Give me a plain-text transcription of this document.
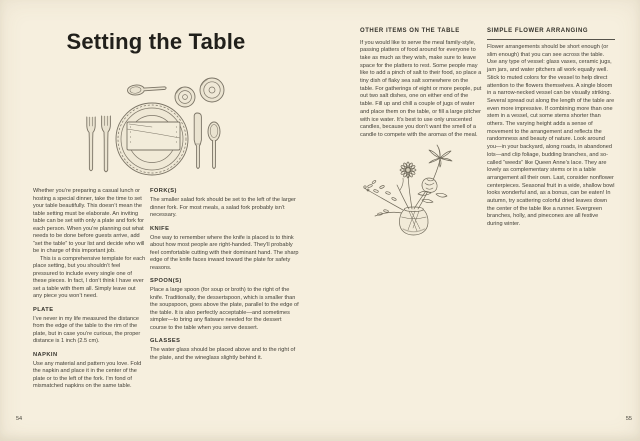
Setting the Table

Whether you’re preparing a casual lunch or hosting a special dinner, take the time to set your table beautifully. This doesn’t mean the table setting must be elaborate. An inviting table can be set with only a plate and fork for each person. When you’re planning out what needs to be done before guests arrive, add “set the table” to your list and decide who will be in charge of this important job.

This is a comprehensive template for each place setting, but you shouldn’t feel pressured to include every single one of these pieces. In fact, I don’t think I have ever set a table with them all. Simply leave out any piece you won’t need.

PLATE

I’ve never in my life measured the distance from the edge of the table to the rim of the plate, but in case you’re curious, the proper distance is 1 inch (2.5 cm).

NAPKIN

Use any material and pattern you love. Fold the napkin and place it in the center of the plate or to the left of the fork. I’m fond of mismatched napkins on the same table.

FORK(S)

The smaller salad fork should be set to the left of the larger dinner fork. For most meals, a salad fork probably isn’t necessary.

KNIFE

One way to remember where the knife is placed is to think about how most people are right-handed. They’ll probably feel comfortable cutting with their dominant hand. The sharp edge of the knife faces inward toward the plate for safety reasons.

SPOON(S)

Place a large spoon (for soup or broth) to the right of the knife. Traditionally, the dessertspoon, which is smaller than the soupspoon, goes above the plate, parallel to the edge of the table. It is also perfectly acceptable—and sometimes simpler—to bring any flatware needed for the dessert course to the table when you serve dessert.

GLASSES

The water glass should be placed above and to the right of the plate, and the wineglass slightly behind it.

54
OTHER ITEMS ON THE TABLE

If you would like to serve the meal family-style, passing platters of food around for everyone to take as much as they wish, make sure to leave space for the platters to rest. Some people may like to add a pinch of salt to their food, so place a tiny dish of flaky sea salt somewhere on the table. For gatherings of eight or more people, put out two salt dishes, one on either end of the table. Fill up and chill a couple of jugs of water and place them on the table, or fill a large pitcher with ice water. It’s best to use only unscented candles, because you don’t want the smell of a candle to compete with the aromas of the meal.

SIMPLE FLOWER ARRANGING

Flower arrangements should be short enough (or slim enough) that you can see across the table. Use any type of vessel: glass vases, ceramic jugs, jam jars, and water pitchers all work equally well. Stick to muted colors for the vessel to help direct attention to the flowers themselves. A single bloom in a narrow-necked vessel can be visually striking. Several spread out along the length of the table are even more impressive. If combining more than one stem in a vessel, cut some stems shorter than others. The varying height adds a sense of movement to the arrangement and reflects the randomness and beauty of nature. Look around you—in your backyard, along roads, in abandoned lots—and clip foliage, budding branches, and so-called “weeds” like Queen Anne’s lace. They are lovely as complementary stems or in a table arrangement all their own. Last, consider nonflower centerpieces. Seasonal fruit in a wide, shallow bowl looks wonderful and, as a bonus, can be eaten! In autumn, try scattering colorful dried leaves down the center of the table like a runner. Evergreen branches, holly, and pinecones are all festive during winter.

55
